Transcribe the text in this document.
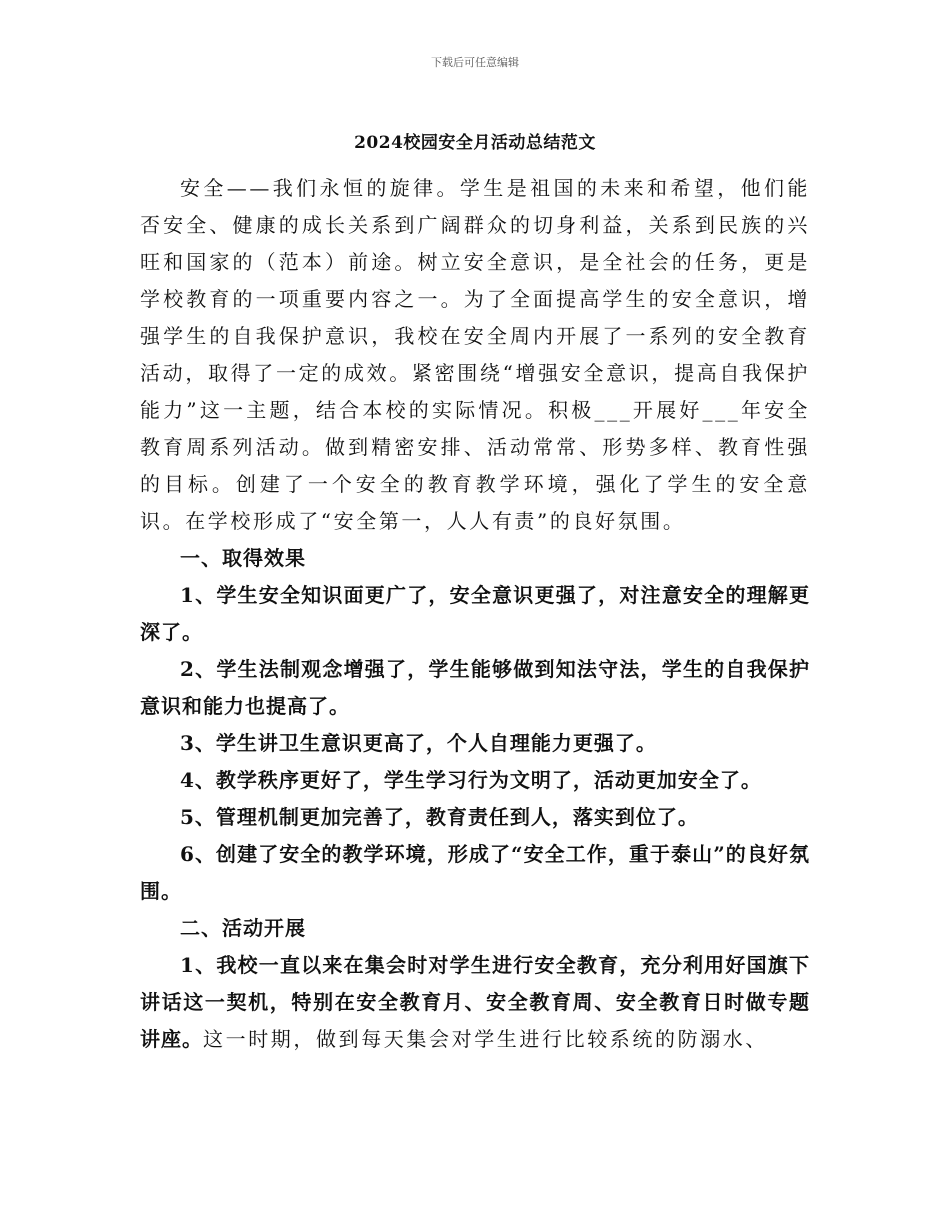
下载后可任意编辑
2024校园安全月活动总结范文

安全——我们永恒的旋律。学生是祖国的未来和希望，他们能否安全、健康的成长关系到广阔群众的切身利益，关系到民族的兴旺和国家的（范本）前途。树立安全意识，是全社会的任务，更是学校教育的一项重要内容之一。为了全面提高学生的安全意识，增强学生的自我保护意识，我校在安全周内开展了一系列的安全教育活动，取得了一定的成效。紧密围绕“增强安全意识，提高自我保护能力”这一主题，结合本校的实际情况。积极___开展好___年安全教育周系列活动。做到精密安排、活动常常、形势多样、教育性强的目标。创建了一个安全的教育教学环境，强化了学生的安全意识。在学校形成了“安全第一，人人有责”的良好氛围。

一、取得效果

1、学生安全知识面更广了，安全意识更强了，对注意安全的理解更深了。

2、学生法制观念增强了，学生能够做到知法守法，学生的自我保护意识和能力也提高了。

3、学生讲卫生意识更高了，个人自理能力更强了。

4、教学秩序更好了，学生学习行为文明了，活动更加安全了。

5、管理机制更加完善了，教育责任到人，落实到位了。

6、创建了安全的教学环境，形成了“安全工作，重于泰山”的良好氛围。

二、活动开展

1、我校一直以来在集会时对学生进行安全教育，充分利用好国旗下讲话这一契机，特别在安全教育月、安全教育周、安全教育日时做专题讲座。这一时期，做到每天集会对学生进行比较系统的防溺水、
